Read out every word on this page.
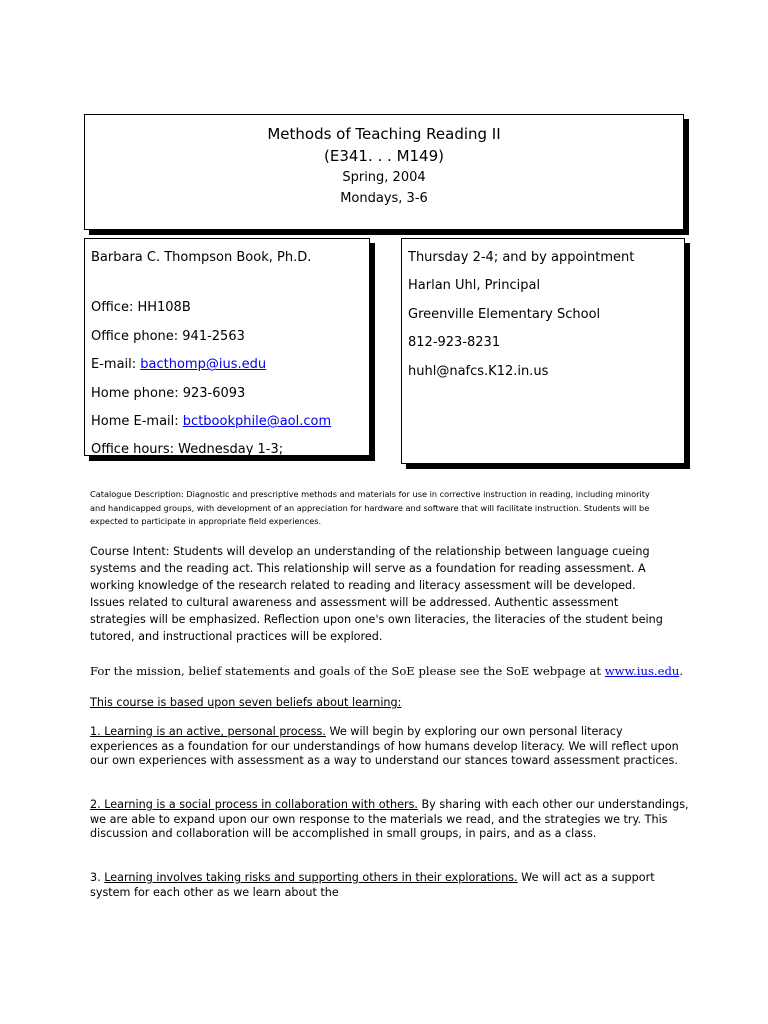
Methods of Teaching Reading II
(E341. . . M149)
Spring, 2004
Mondays, 3-6
Barbara C. Thompson Book, Ph.D.
Office: HH108B
Office phone: 941-2563
E-mail: bacthomp@ius.edu
Home phone: 923-6093
Home E-mail: bctbookphile@aol.com
Office hours: Wednesday 1-3;
Thursday 2-4; and by appointment
Harlan Uhl, Principal
Greenville Elementary School
812-923-8231
huhl@nafcs.K12.in.us
Catalogue Description: Diagnostic and prescriptive methods and materials for use in corrective instruction in reading, including minority and handicapped groups, with development of an appreciation for hardware and software that will facilitate instruction. Students will be expected to participate in appropriate field experiences.
Course Intent: Students will develop an understanding of the relationship between language cueing systems and the reading act. This relationship will serve as a foundation for reading assessment. A working knowledge of the research related to reading and literacy assessment will be developed. Issues related to cultural awareness and assessment will be addressed. Authentic assessment strategies will be emphasized. Reflection upon one's own literacies, the literacies of the student being tutored, and instructional practices will be explored.
For the mission, belief statements and goals of the SoE please see the SoE webpage at www.ius.edu.
This course is based upon seven beliefs about learning:
1. Learning is an active, personal process. We will begin by exploring our own personal literacy experiences as a foundation for our understandings of how humans develop literacy. We will reflect upon our own experiences with assessment as a way to understand our stances toward assessment practices.
2. Learning is a social process in collaboration with others. By sharing with each other our understandings, we are able to expand upon our own response to the materials we read, and the strategies we try. This discussion and collaboration will be accomplished in small groups, in pairs, and as a class.
3. Learning involves taking risks and supporting others in their explorations. We will act as a support system for each other as we learn about the
